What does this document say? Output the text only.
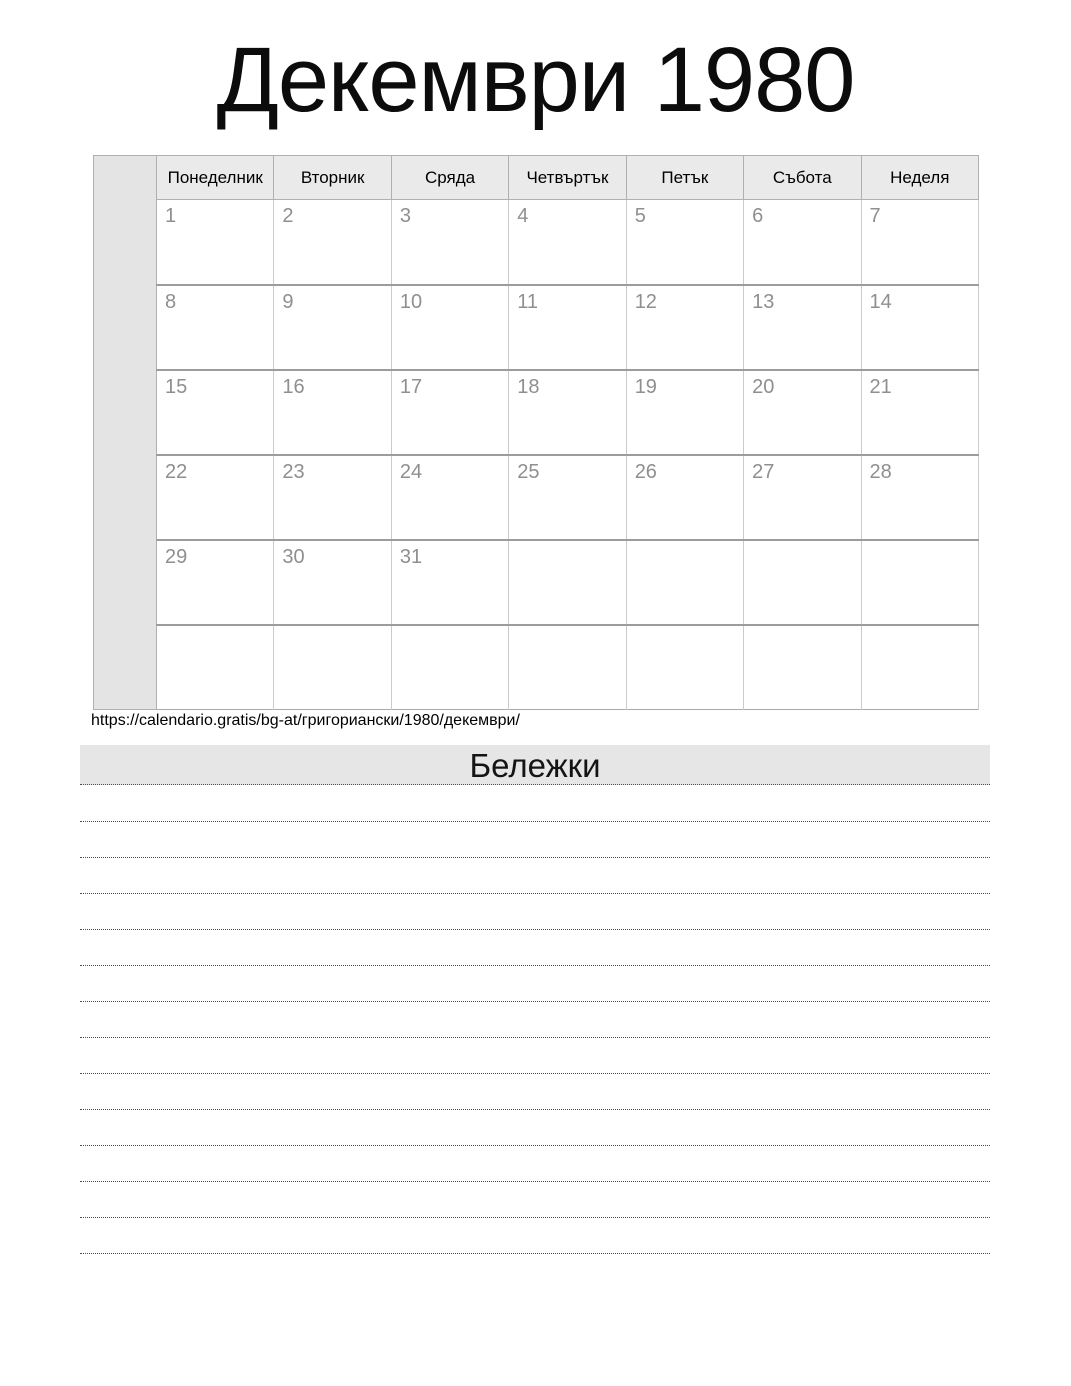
Декември 1980
	Понеделник	Вторник	Сряда	Четвъртък	Петък	Събота	Неделя
	1	2	3	4	5	6	7
	8	9	10	11	12	13	14
	15	16	17	18	19	20	21
	22	23	24	25	26	27	28
	29	30	31				

https://calendario.gratis/bg-at/григориански/1980/декември/
Бележки
